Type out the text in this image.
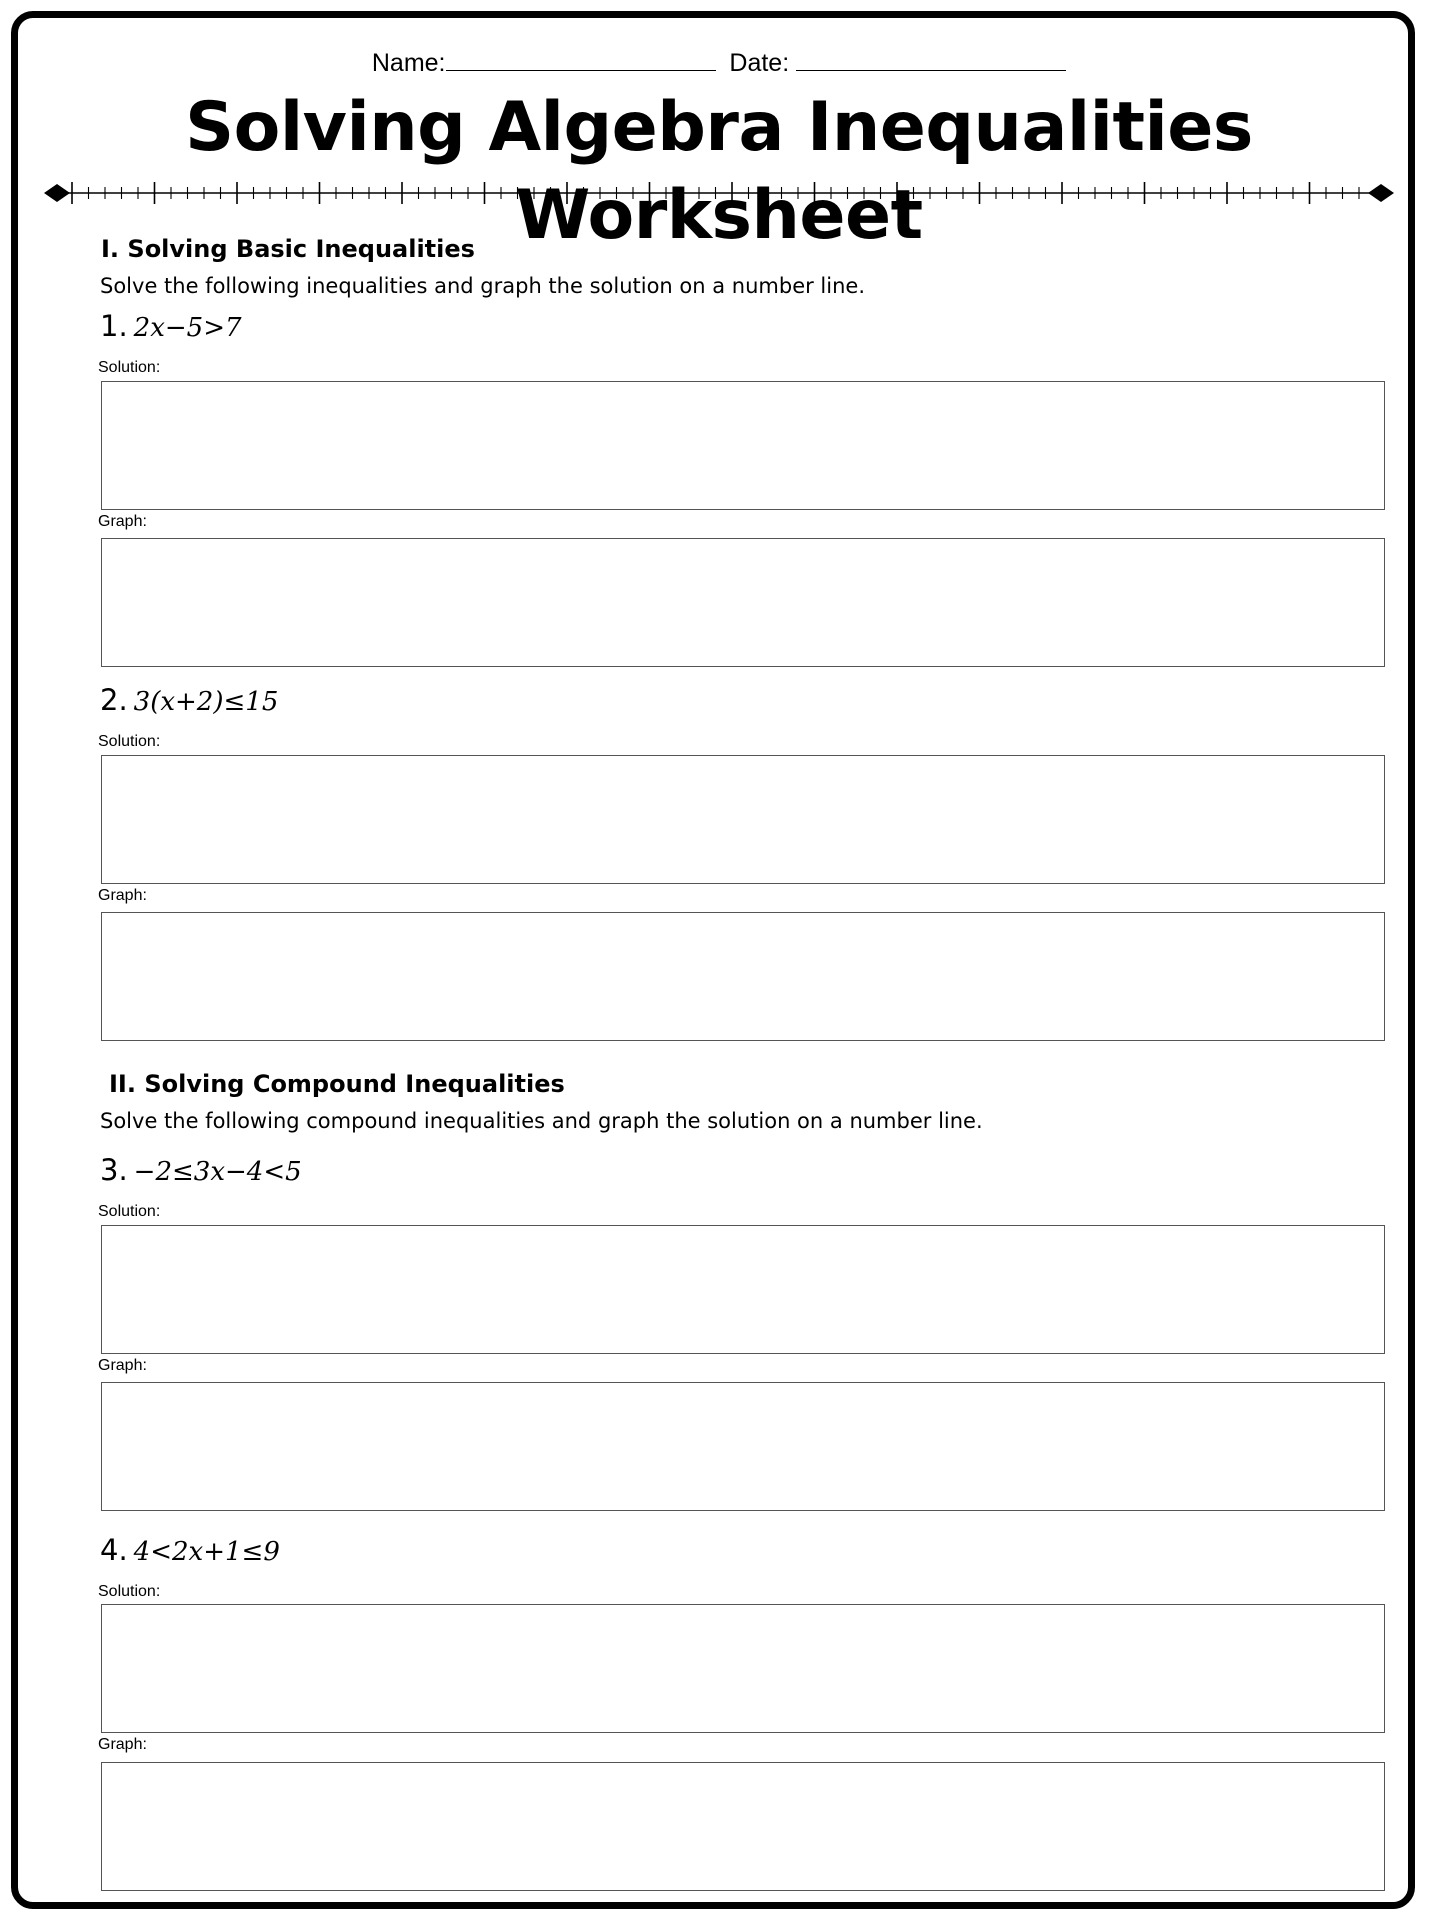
Name:	Date:
Solving Algebra Inequalities Worksheet
I. Solving Basic Inequalities
Solve the following inequalities and graph the solution on a number line.
1. 2x−5>7
Solution:
Graph:
2. 3(x+2)≤15
Solution:
Graph:
II. Solving Compound Inequalities
Solve the following compound inequalities and graph the solution on a number line.
3. −2≤3x−4<5
Solution:
Graph:
4. 4<2x+1≤9
Solution:
Graph:
